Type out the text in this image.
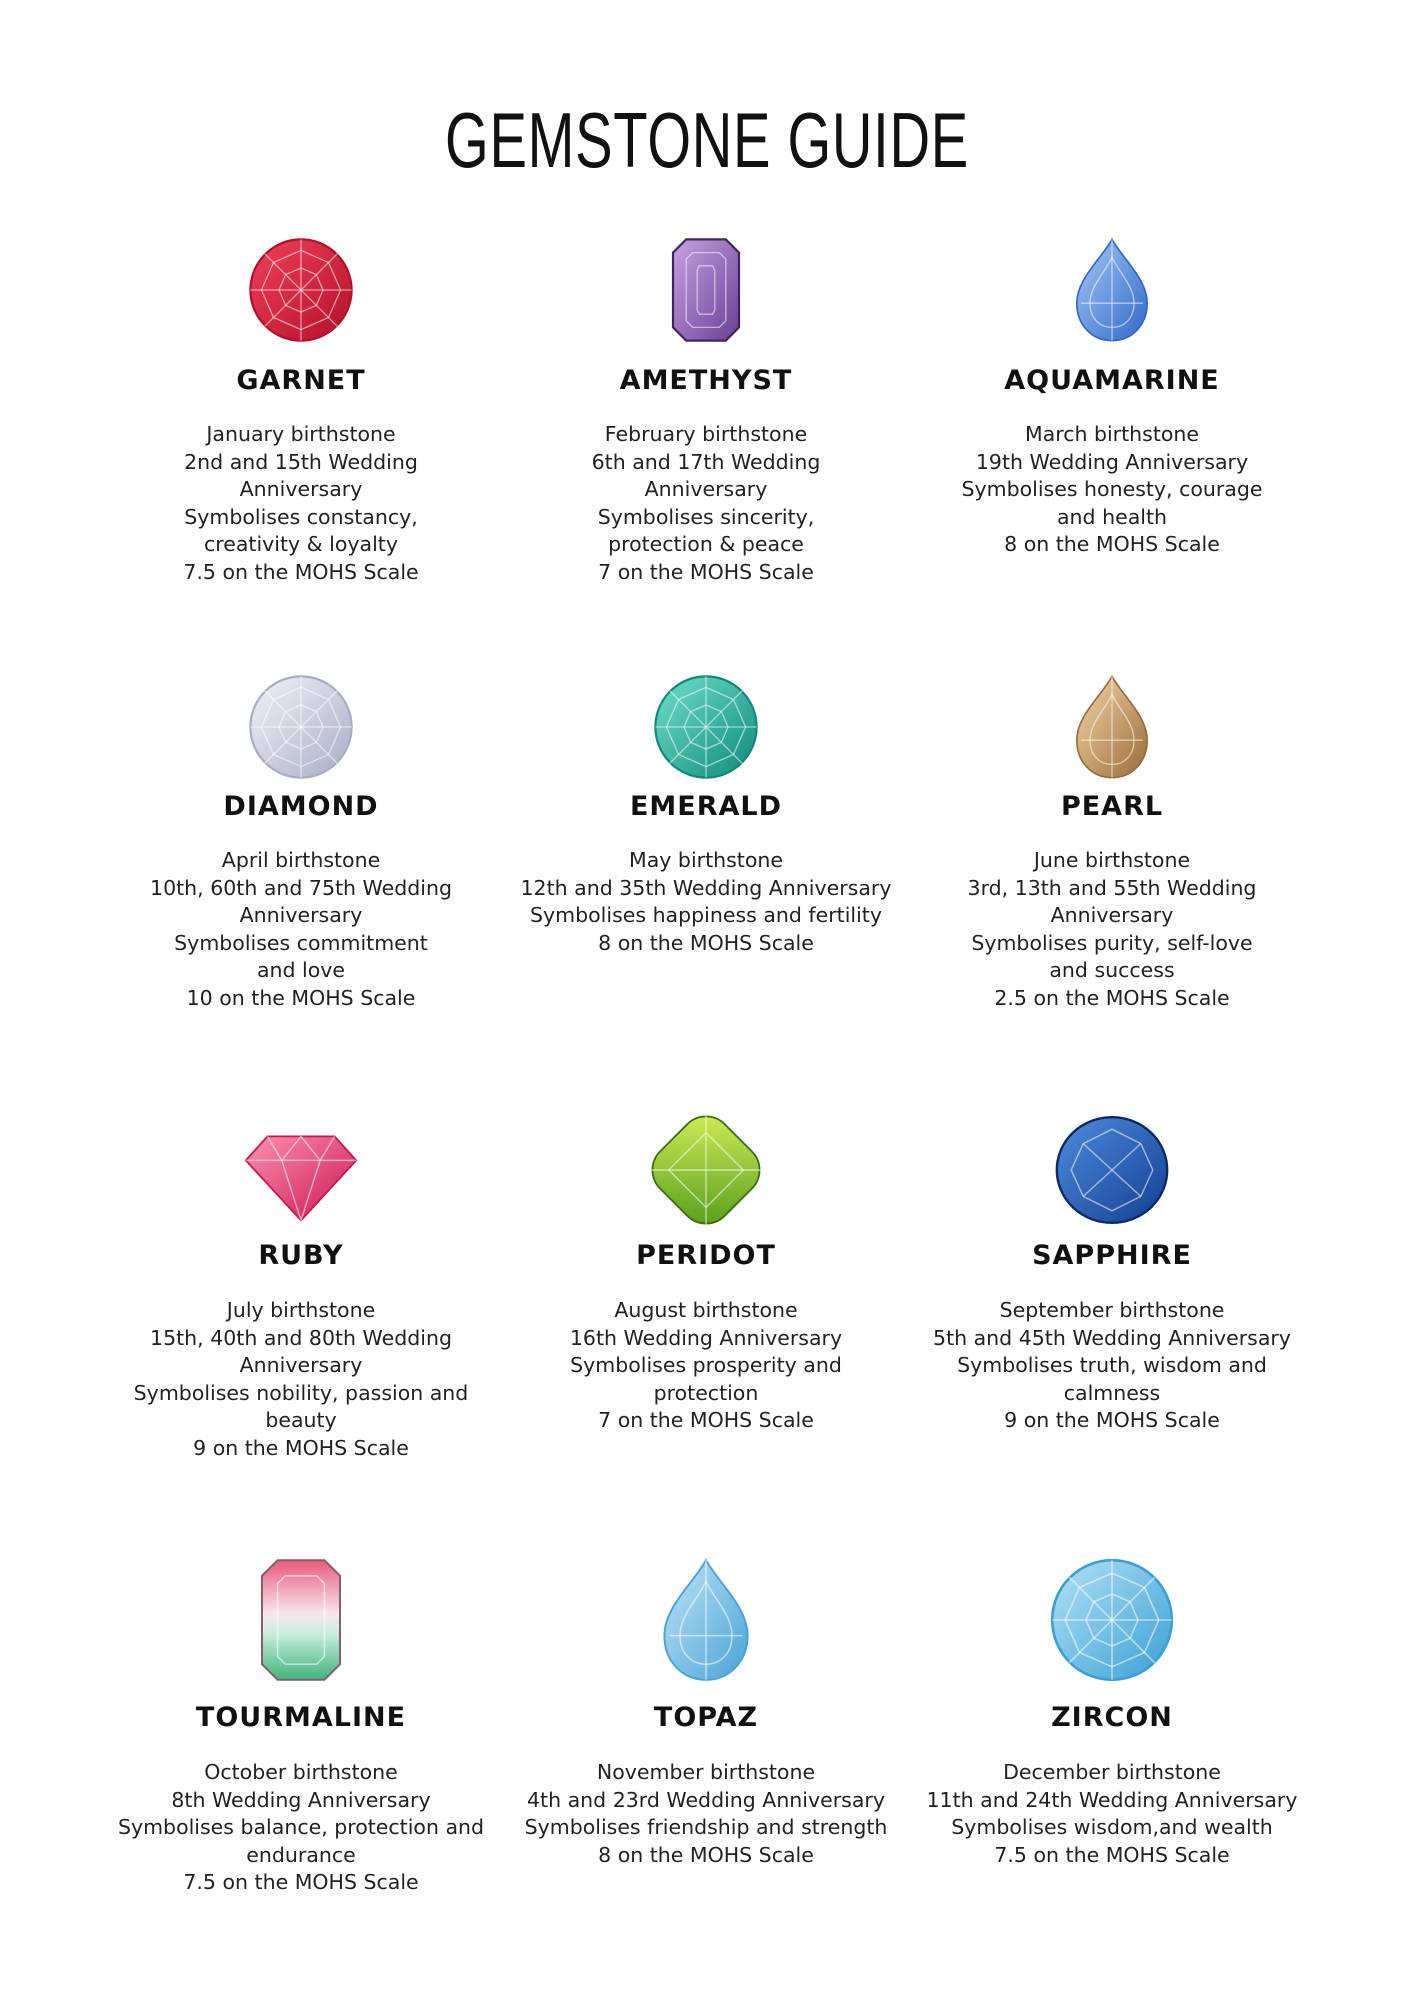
GEMSTONE GUIDE
GARNET
January birthstone
2nd and 15th Wedding
Anniversary
Symbolises constancy,
creativity & loyalty
7.5 on the MOHS Scale
AMETHYST
February birthstone
6th and 17th Wedding
Anniversary
Symbolises sincerity,
protection & peace
7 on the MOHS Scale
AQUAMARINE
March birthstone
19th Wedding Anniversary
Symbolises honesty, courage
and health
8 on the MOHS Scale
DIAMOND
April birthstone
10th, 60th and 75th Wedding
Anniversary
Symbolises commitment
and love
10 on the MOHS Scale
EMERALD
May birthstone
12th and 35th Wedding Anniversary
Symbolises happiness and fertility
8 on the MOHS Scale
PEARL
June birthstone
3rd, 13th and 55th Wedding
Anniversary
Symbolises purity, self-love
and success
2.5 on the MOHS Scale
RUBY
July birthstone
15th, 40th and 80th Wedding
Anniversary
Symbolises nobility, passion and
beauty
9 on the MOHS Scale
PERIDOT
August birthstone
16th Wedding Anniversary
Symbolises prosperity and
protection
7 on the MOHS Scale
SAPPHIRE
September birthstone
5th and 45th Wedding Anniversary
Symbolises truth, wisdom and
calmness
9 on the MOHS Scale
TOURMALINE
October birthstone
8th Wedding Anniversary
Symbolises balance, protection and
endurance
7.5 on the MOHS Scale
TOPAZ
November birthstone
4th and 23rd Wedding Anniversary
Symbolises friendship and strength
8 on the MOHS Scale
ZIRCON
December birthstone
11th and 24th Wedding Anniversary
Symbolises wisdom,and wealth
7.5 on the MOHS Scale
